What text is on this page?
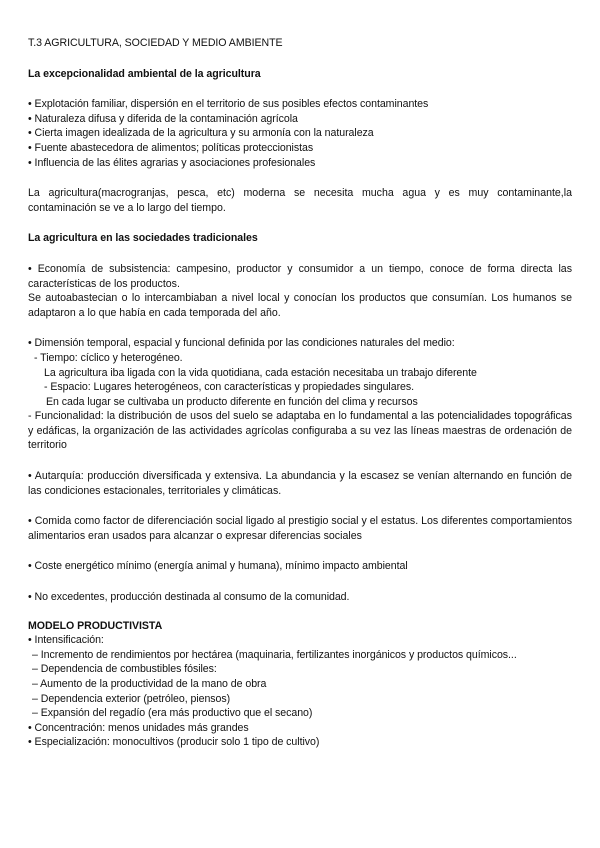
T.3 AGRICULTURA, SOCIEDAD Y MEDIO AMBIENTE
La excepcionalidad ambiental de la agricultura
• Explotación familiar, dispersión en el territorio de sus posibles efectos contaminantes
• Naturaleza difusa y diferida de la contaminación agrícola
• Cierta imagen idealizada de la agricultura y su armonía con la naturaleza
• Fuente abastecedora de alimentos; políticas proteccionistas
• Influencia de las élites agrarias y asociaciones profesionales
La agricultura(macrogranjas, pesca, etc) moderna se necesita mucha agua y es muy contaminante,la contaminación se ve a lo largo del tiempo.
La agricultura en las sociedades tradicionales
• Economía de subsistencia: campesino, productor y consumidor a un tiempo, conoce de forma directa las características de los productos.
Se autoabastecian o lo intercambiaban a nivel local y conocían los productos que consumían. Los humanos se adaptaron a lo que había en cada temporada del año.
• Dimensión temporal, espacial y funcional definida por las condiciones naturales del medio:
- Tiempo: cíclico y heterogéneo.
La agricultura iba ligada con la vida quotidiana, cada estación necesitaba un trabajo diferente
- Espacio: Lugares heterogéneos, con características y propiedades singulares.
En cada lugar se cultivaba un producto diferente en función del clima y recursos
- Funcionalidad: la distribución de usos del suelo se adaptaba en lo fundamental a las potencialidades topográficas y edáficas, la organización de las actividades agrícolas configuraba a su vez las líneas maestras de ordenación de territorio
• Autarquía: producción diversificada y extensiva. La abundancia y la escasez se venían alternando en función de las condiciones estacionales, territoriales y climáticas.
• Comida como factor de diferenciación social ligado al prestigio social y el estatus. Los diferentes comportamientos alimentarios eran usados para alcanzar o expresar diferencias sociales
• Coste energético mínimo (energía animal y humana), mínimo impacto ambiental
• No excedentes, producción destinada al consumo de la comunidad.
MODELO PRODUCTIVISTA
• Intensificación:
– Incremento de rendimientos por hectárea (maquinaria, fertilizantes inorgánicos y productos químicos...
– Dependencia de combustibles fósiles:
– Aumento de la productividad de la mano de obra
– Dependencia exterior (petróleo, piensos)
– Expansión del regadío (era más productivo que el secano)
• Concentración: menos unidades más grandes
• Especialización: monocultivos (producir solo 1 tipo de cultivo)
